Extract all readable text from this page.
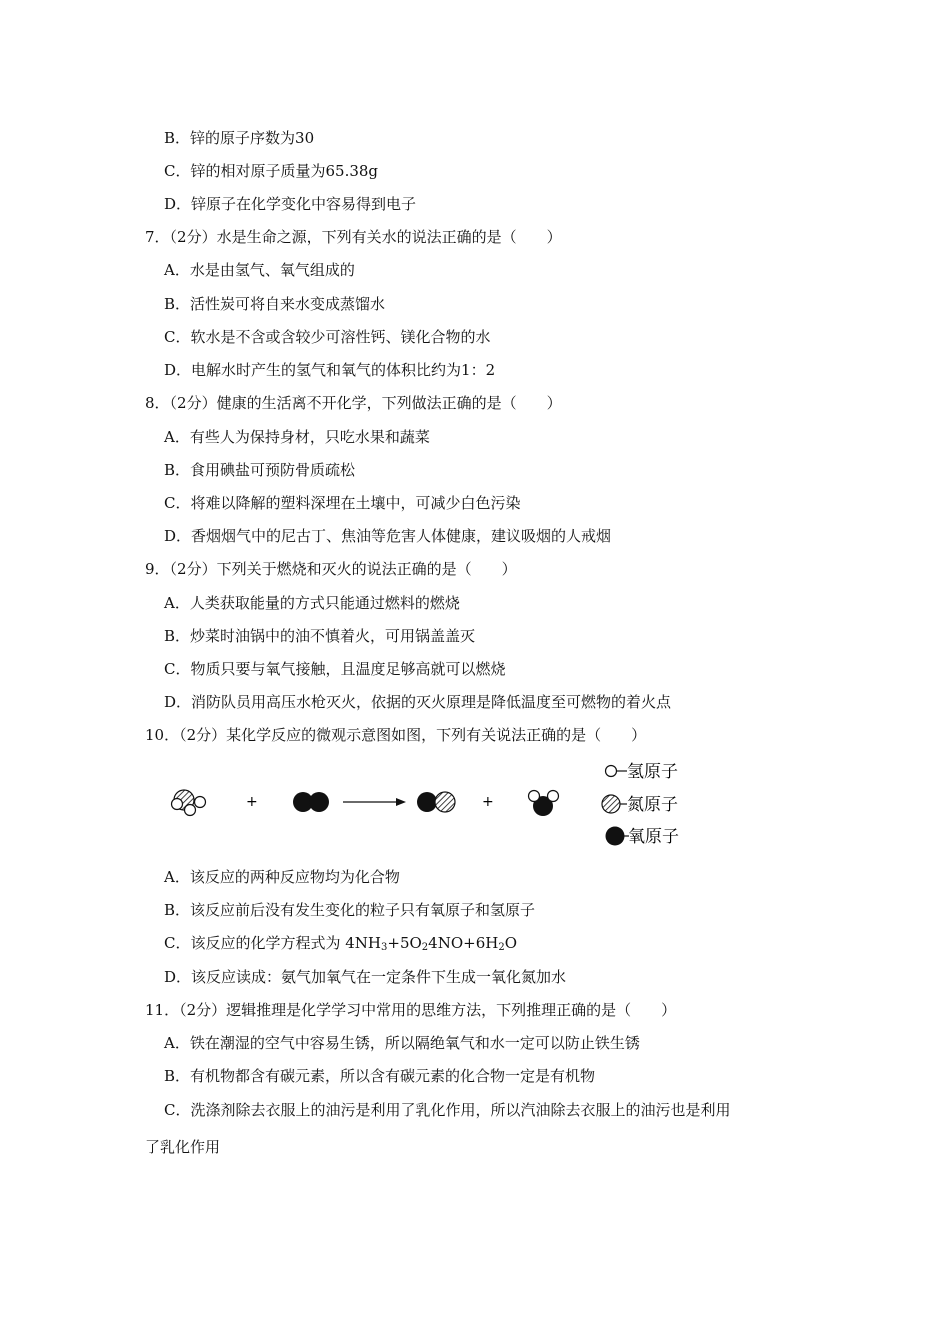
B．锌的原子序数为30
C．锌的相对原子质量为65.38g
D．锌原子在化学变化中容易得到电子
7．（2分）水是生命之源，下列有关水的说法正确的是（　　）
A．水是由氢气、氧气组成的
B．活性炭可将自来水变成蒸馏水
C．软水是不含或含较少可溶性钙、镁化合物的水
D．电解水时产生的氢气和氧气的体积比约为1：2
8．（2分）健康的生活离不开化学，下列做法正确的是（　　）
A．有些人为保持身材，只吃水果和蔬菜
B．食用碘盐可预防骨质疏松
C．将难以降解的塑料深埋在土壤中，可减少白色污染
D．香烟烟气中的尼古丁、焦油等危害人体健康，建议吸烟的人戒烟
9．（2分）下列关于燃烧和灭火的说法正确的是（　　）
A．人类获取能量的方式只能通过燃料的燃烧
B．炒菜时油锅中的油不慎着火，可用锅盖盖灭
C．物质只要与氧气接触，且温度足够高就可以燃烧
D．消防队员用高压水枪灭火，依据的灭火原理是降低温度至可燃物的着火点
10．（2分）某化学反应的微观示意图如图，下列有关说法正确的是（　　）
+	+
氢原子
氮原子
氧原子
A．该反应的两种反应物均为化合物
B．该反应前后没有发生变化的粒子只有氧原子和氢原子
C．该反应的化学方程式为 $4NH_3+5O_24NO+6H_2O$
D．该反应读成：氨气加氧气在一定条件下生成一氧化氮加水
11．（2分）逻辑推理是化学学习中常用的思维方法，下列推理正确的是（　　）
A．铁在潮湿的空气中容易生锈，所以隔绝氧气和水一定可以防止铁生锈
B．有机物都含有碳元素，所以含有碳元素的化合物一定是有机物
C．洗涤剂除去衣服上的油污是利用了乳化作用，所以汽油除去衣服上的油污也是利用
了乳化作用
